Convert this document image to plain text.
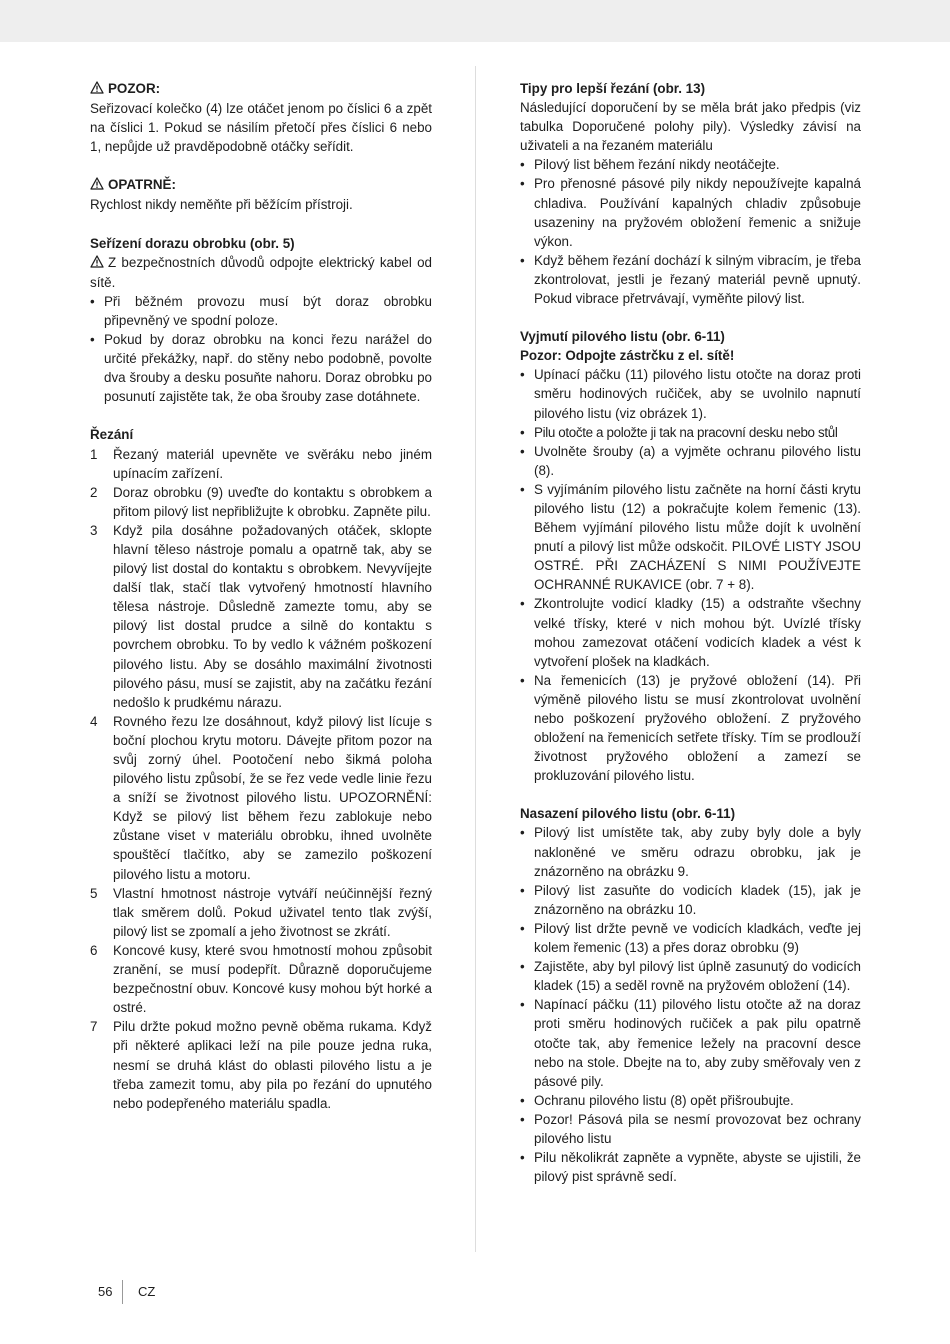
POZOR:

Seřizovací kolečko (4) lze otáčet jenom po číslici 6 a zpět na číslici 1. Pokud se násilím přetočí přes číslici 6 nebo 1, nepůjde už pravděpodobně otáčky seřídit.

OPATRNĚ:

Rychlost nikdy neměňte při běžícím přístroji.

Seřízení dorazu obrobku (obr. 5)

Z bezpečnostních důvodů odpojte elektrický kabel od sítě.

• Při běžném provozu musí být doraz obrobku připevněný ve spodní poloze.
• Pokud by doraz obrobku na konci řezu narážel do určité překážky, např. do stěny nebo podobně, povolte dva šrouby a desku posuňte nahoru. Doraz obrobku po posunutí zajistěte tak, že oba šrouby zase dotáhnete.

Řezání

1 Řezaný materiál upevněte ve svěráku nebo jiném upínacím zařízení.
2 Doraz obrobku (9) uveďte do kontaktu s obrobkem a přitom pilový list nepřibližujte k obrobku. Zapněte pilu.
3 Když pila dosáhne požadovaných otáček, sklopte hlavní těleso nástroje pomalu a opatrně tak, aby se pilový list dostal do kontaktu s obrobkem. Nevyvíjejte další tlak, stačí tlak vytvořený hmotností hlavního tělesa nástroje. Důsledně zamezte tomu, aby se pilový list dostal prudce a silně do kontaktu s povrchem obrobku. To by vedlo k vážném poškození pilového listu. Aby se dosáhlo maximální životnosti pilového pásu, musí se zajistit, aby na začátku řezání nedošlo k prudkému nárazu.
4 Rovného řezu lze dosáhnout, když pilový list lícuje s boční plochou krytu motoru. Dávejte přitom pozor na svůj zorný úhel. Pootočení nebo šikmá poloha pilového listu způsobí, že se řez vede vedle linie řezu a sníží se životnost pilového listu. UPOZORNĚNÍ: Když se pilový list během řezu zablokuje nebo zůstane viset v materiálu obrobku, ihned uvolněte spouštěcí tlačítko, aby se zamezilo poškození pilového listu a motoru.
5 Vlastní hmotnost nástroje vytváří neúčinnější řezný tlak směrem dolů. Pokud uživatel tento tlak zvýší, pilový list se zpomalí a jeho životnost se zkrátí.
6 Koncové kusy, které svou hmotností mohou způsobit zranění, se musí podepřít. Důrazně doporučujeme bezpečnostní obuv. Koncové kusy mohou být horké a ostré.
7 Pilu držte pokud možno pevně oběma rukama. Když při některé aplikaci leží na pile pouze jedna ruka, nesmí se druhá klást do oblasti pilového listu a je třeba zamezit tomu, aby pila po řezání do upnutého nebo podepřeného materiálu spadla.

Tipy pro lepší řezání (obr. 13)

Následující doporučení by se měla brát jako předpis (viz tabulka Doporučené polohy pily). Výsledky závisí na uživateli a na řezaném materiálu

• Pilový list během řezání nikdy neotáčejte.
• Pro přenosné pásové pily nikdy nepoužívejte kapalná chladiva. Používání kapalných chladiv způsobuje usazeniny na pryžovém obložení řemenic a snižuje výkon.
• Když během řezání dochází k silným vibracím, je třeba zkontrolovat, jestli je řezaný materiál pevně upnutý. Pokud vibrace přetrvávají, vyměňte pilový list.

Vyjmutí pilového listu (obr. 6-11)

Pozor: Odpojte zástrčku z el. sítě!

• Upínací páčku (11) pilového listu otočte na doraz proti směru hodinových ručiček, aby se uvolnilo napnutí pilového listu (viz obrázek 1).
• Pilu otočte a položte ji tak na pracovní desku nebo stůl
• Uvolněte šrouby (a) a vyjměte ochranu pilového listu (8).
• S vyjímáním pilového listu začněte na horní části krytu pilového listu (12) a pokračujte kolem řemenic (13). Během vyjímání pilového listu může dojít k uvolnění pnutí a pilový list může odskočit. PILOVÉ LISTY JSOU OSTRÉ. PŘI ZACHÁZENÍ S NIMI POUŽÍVEJTE OCHRANNÉ RUKAVICE (obr. 7 + 8).
• Zkontrolujte vodicí kladky (15) a odstraňte všechny velké třísky, které v nich mohou být. Uvízlé třísky mohou zamezovat otáčení vodicích kladek a vést k vytvoření plošek na kladkách.
• Na řemenicích (13) je pryžové obložení (14). Při výměně pilového listu se musí zkontrolovat uvolnění nebo poškození pryžového obložení. Z pryžového obložení na řemenicích setřete třísky. Tím se prodlouží životnost pryžového obložení a zamezí se prokluzování pilového listu.

Nasazení pilového listu (obr. 6-11)

• Pilový list umístěte tak, aby zuby byly dole a byly nakloněné ve směru odrazu obrobku, jak je znázorněno na obrázku 9.
• Pilový list zasuňte do vodicích kladek (15), jak je znázorněno na obrázku 10.
• Pilový list držte pevně ve vodicích kladkách, veďte jej kolem řemenic (13) a přes doraz obrobku (9)
• Zajistěte, aby byl pilový list úplně zasunutý do vodicích kladek (15) a seděl rovně na pryžovém obložení (14).
• Napínací páčku (11) pilového listu otočte až na doraz proti směru hodinových ručiček a pak pilu opatrně otočte tak, aby řemenice ležely na pracovní desce nebo na stole. Dbejte na to, aby zuby směřovaly ven z pásové pily.
• Ochranu pilového listu (8) opět přišroubujte.
• Pozor! Pásová pila se nesmí provozovat bez ochrany pilového listu
• Pilu několikrát zapněte a vypněte, abyste se ujistili, že pilový pist správně sedí.
56 CZ
